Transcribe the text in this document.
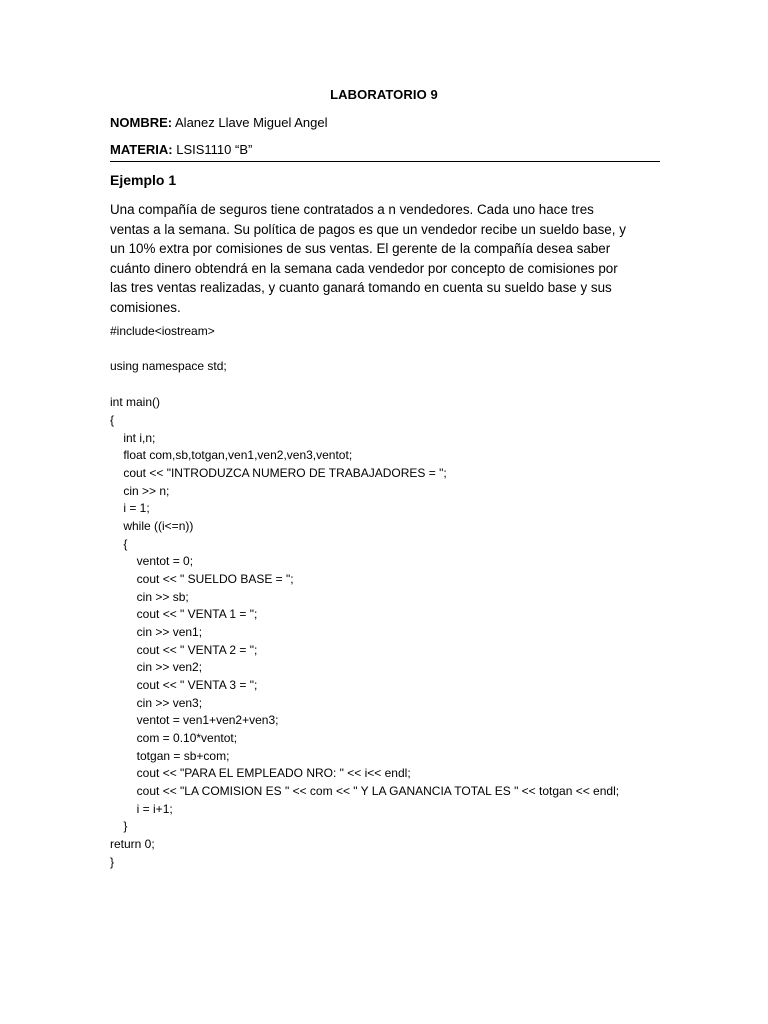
LABORATORIO 9
NOMBRE: Alanez Llave Miguel Angel
MATERIA: LSIS1110 “B”
Ejemplo 1
Una compañía de seguros tiene contratados a n vendedores. Cada uno hace tres
ventas a la semana. Su política de pagos es que un vendedor recibe un sueldo base, y
un 10% extra por comisiones de sus ventas. El gerente de la compañía desea saber
cuánto dinero obtendrá en la semana cada vendedor por concepto de comisiones por
las tres ventas realizadas, y cuanto ganará tomando en cuenta su sueldo base y sus
comisiones.
#include<iostream>
using namespace std;
int main()
{
int i,n;
float com,sb,totgan,ven1,ven2,ven3,ventot;
cout << "INTRODUZCA NUMERO DE TRABAJADORES = ";
cin >> n;
i = 1;
while ((i<=n))
{
ventot = 0;
cout << " SUELDO BASE = ";
cin >> sb;
cout << " VENTA 1 = ";
cin >> ven1;
cout << " VENTA 2 = ";
cin >> ven2;
cout << " VENTA 3 = ";
cin >> ven3;
ventot = ven1+ven2+ven3;
com = 0.10*ventot;
totgan = sb+com;
cout << "PARA EL EMPLEADO NRO: " << i<< endl;
cout << "LA COMISION ES " << com << " Y LA GANANCIA TOTAL ES " << totgan << endl;
i = i+1;
}
return 0;
}
